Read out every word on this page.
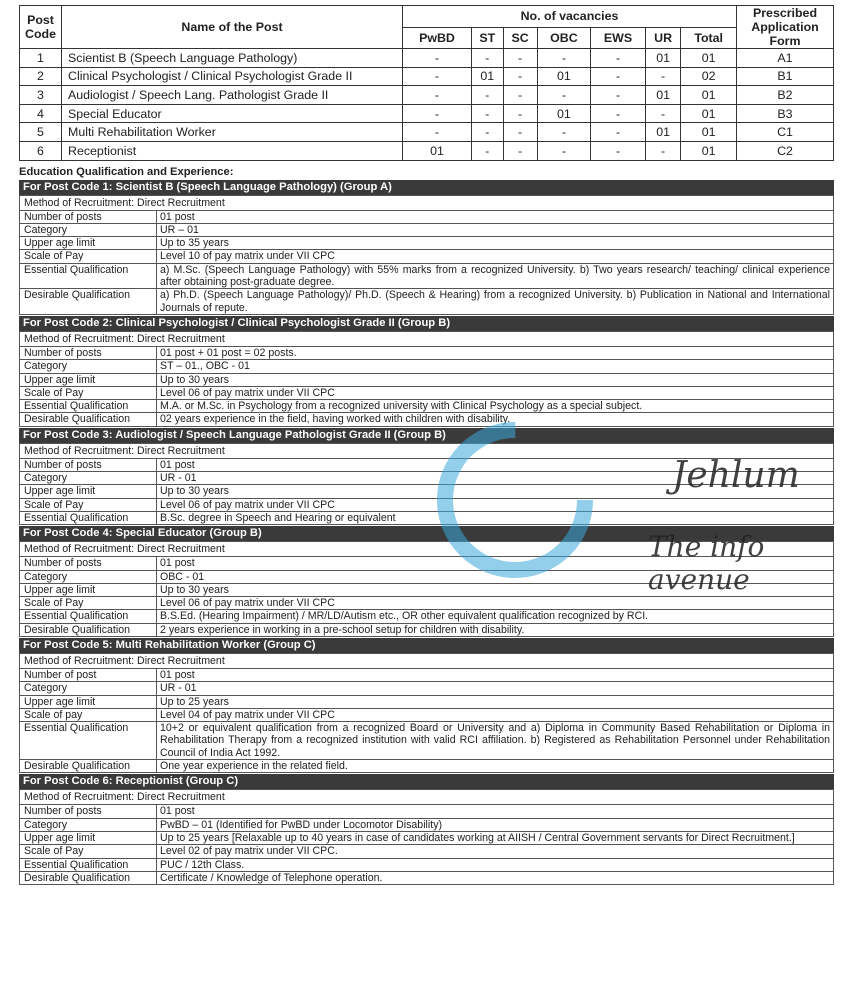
Post Code	Name of the Post	No. of vacancies							Prescribed Application Form
		PwBD	ST	SC	OBC	EWS	UR	Total	
1	Scientist B (Speech Language Pathology)	-	-	-	-	-	01	01	A1
2	Clinical Psychologist / Clinical Psychologist Grade II	-	01	-	01	-	-	02	B1
3	Audiologist / Speech Lang. Pathologist Grade II	-	-	-	-	-	01	01	B2
4	Special Educator	-	-	-	01	-	-	01	B3
5	Multi Rehabilitation Worker	-	-	-	-	-	01	01	C1
6	Receptionist	01	-	-	-	-	-	01	C2
Education Qualification and Experience:
For Post Code 1: Scientist B (Speech Language Pathology) (Group A)
Method of Recruitment: Direct Recruitment
Number of posts	01 post
Category	UR – 01
Upper age limit	Up to 35 years
Scale of Pay	Level 10 of pay matrix under VII CPC
Essential Qualification	a) M.Sc. (Speech Language Pathology) with 55% marks from a recognized University. b) Two years research/ teaching/ clinical experience after obtaining post-graduate degree.
Desirable Qualification	a) Ph.D. (Speech Language Pathology)/ Ph.D. (Speech & Hearing) from a recognized University. b) Publication in National and International Journals of repute.
For Post Code 2: Clinical Psychologist / Clinical Psychologist Grade II (Group B)
Method of Recruitment: Direct Recruitment
Number of posts	01 post + 01 post = 02 posts.
Category	ST – 01., OBC - 01
Upper age limit	Up to 30 years
Scale of Pay	Level 06 of pay matrix under VII CPC
Essential Qualification	M.A. or M.Sc. in Psychology from a recognized university with Clinical Psychology as a special subject.
Desirable Qualification	02 years experience in the field, having worked with children with disability.
For Post Code 3: Audiologist / Speech Language Pathologist Grade II (Group B)
Method of Recruitment: Direct Recruitment
Number of posts	01 post
Category	UR - 01
Upper age limit	Up to 30 years
Scale of Pay	Level 06 of pay matrix under VII CPC
Essential Qualification	B.Sc. degree in Speech and Hearing or equivalent
For Post Code 4: Special Educator (Group B)
Method of Recruitment: Direct Recruitment
Number of posts	01 post
Category	OBC - 01
Upper age limit	Up to 30 years
Scale of Pay	Level 06 of pay matrix under VII CPC
Essential Qualification	B.S.Ed. (Hearing Impairment) / MR/LD/Autism etc., OR other equivalent qualification recognized by RCI.
Desirable Qualification	2 years experience in working in a pre-school setup for children with disability.
For Post Code 5: Multi Rehabilitation Worker (Group C)
Method of Recruitment: Direct Recruitment
Number of post	01 post
Category	UR - 01
Upper age limit	Up to 25 years
Scale of pay	Level 04 of pay matrix under VII CPC
Essential Qualification	10+2 or equivalent qualification from a recognized Board or University and a) Diploma in Community Based Rehabilitation or Diploma in Rehabilitation Therapy from a recognized institution with valid RCI affiliation. b) Registered as Rehabilitation Personnel under Rehabilitation Council of India Act 1992.
Desirable Qualification	One year experience in the related field.
For Post Code 6: Receptionist (Group C)
Method of Recruitment: Direct Recruitment
Number of posts	01 post
Category	PwBD – 01 (Identified for PwBD under Locomotor Disability)
Upper age limit	Up to 25 years [Relaxable up to 40 years in case of candidates working at AIISH / Central Government servants for Direct Recruitment.]
Scale of Pay	Level 02 of pay matrix under VII CPC.
Essential Qualification	PUC / 12th Class.
Desirable Qualification	Certificate / Knowledge of Telephone operation.
Jehlum
The info avenue
